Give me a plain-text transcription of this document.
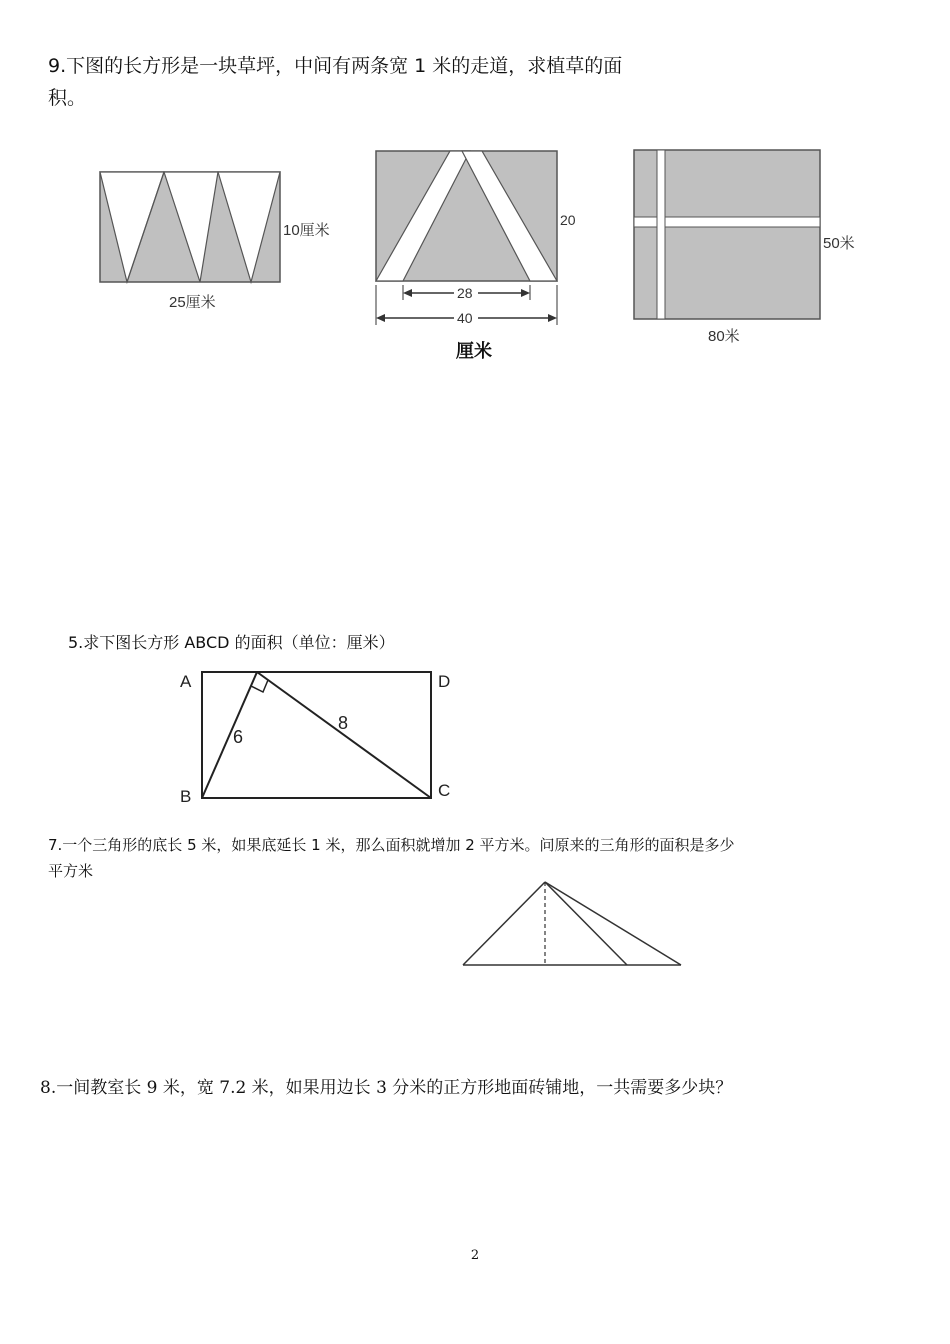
9.下图的长方形是一块草坪，中间有两条宽 1 米的走道，求植草的面积。
10厘米
25厘米
20
28
40
厘米
50米
80米
5.求下图长方形 ABCD 的面积（单位：厘米）
A	D
B	C
6
8
7.一个三角形的底长 5 米，如果底延长 1 米，那么面积就增加 2 平方米。问原来的三角形的面积是多少平方米
8.一间教室长 9 米，宽 7.2 米，如果用边长 3 分米的正方形地面砖铺地，一共需要多少块？
2
